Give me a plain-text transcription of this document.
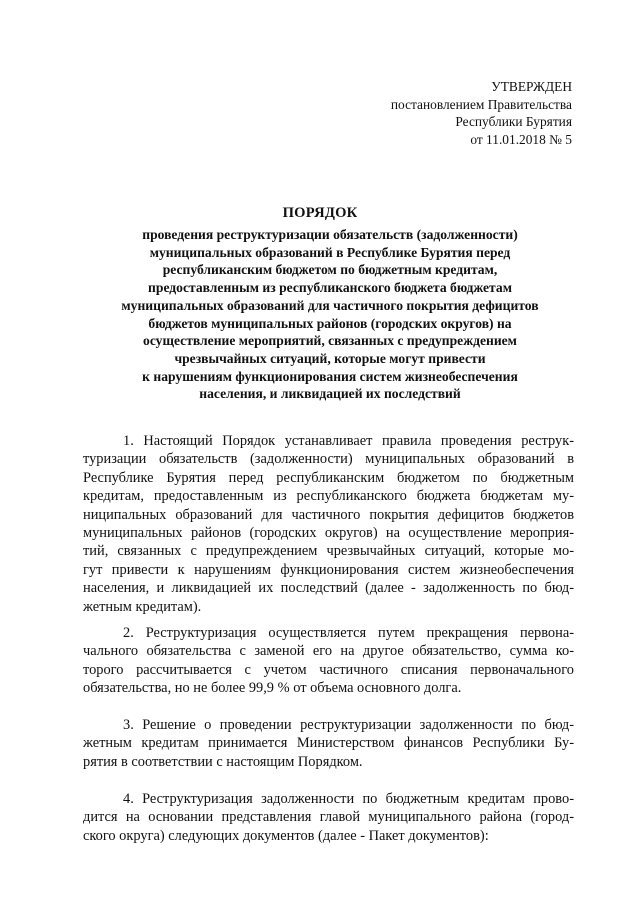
УТВЕРЖДЕН
постановлением Правительства
Республики Бурятия
от 11.01.2018 № 5
ПОРЯДОК
проведения реструктуризации обязательств (задолженности)
муниципальных образований в Республике Бурятия перед
республиканским бюджетом по бюджетным кредитам,
предоставленным из республиканского бюджета бюджетам
муниципальных образований для частичного покрытия дефицитов
бюджетов муниципальных районов (городских округов) на
осуществление мероприятий, связанных с предупреждением
чрезвычайных ситуаций, которые могут привести
к нарушениям функционирования систем жизнеобеспечения
населения, и ликвидацией их последствий
1. Настоящий Порядок устанавливает правила проведения реструк-
туризации обязательств (задолженности) муниципальных образований в
Республике Бурятия перед республиканским бюджетом по бюджетным
кредитам, предоставленным из республиканского бюджета бюджетам му-
ниципальных образований для частичного покрытия дефицитов бюджетов
муниципальных районов (городских округов) на осуществление мероприя-
тий, связанных с предупреждением чрезвычайных ситуаций, которые мо-
гут привести к нарушениям функционирования систем жизнеобеспечения
населения, и ликвидацией их последствий (далее - задолженность по бюд-
жетным кредитам).
2. Реструктуризация осуществляется путем прекращения первона-
чального обязательства с заменой его на другое обязательство, сумма ко-
торого рассчитывается с учетом частичного списания первоначального
обязательства, но не более 99,9 % от объема основного долга.
3. Решение о проведении реструктуризации задолженности по бюд-
жетным кредитам принимается Министерством финансов Республики Бу-
рятия в соответствии с настоящим Порядком.
4. Реструктуризация задолженности по бюджетным кредитам прово-
дится на основании представления главой муниципального района (город-
ского округа) следующих документов (далее - Пакет документов):
